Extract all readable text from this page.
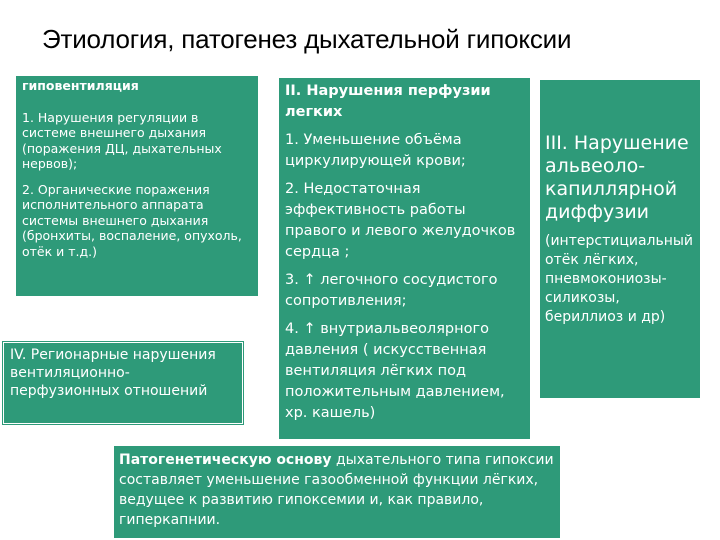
Этиология, патогенез дыхательной гипоксии
гиповентиляция
1. Нарушения регуляции в системе внешнего дыхания (поражения ДЦ, дыхательных нервов);
2. Органические поражения исполнительного аппарата системы внешнего дыхания (бронхиты, воспаление, опухоль, отёк и т.д.)
IV. Регионарные нарушения вентиляционно-перфузионных отношений
II. Нарушения перфузии легких
1. Уменьшение объёма циркулирующей крови;
2. Недостаточная эффективность работы правого и левого желудочков сердца ;
3. ↑ легочного сосудистого сопротивления;
4. ↑ внутриальвеолярного давления ( искусственная вентиляция лёгких под положительным давлением, хр. кашель)
III. Нарушение альвеоло-капиллярной диффузии
(интерстициальный отёк лёгких, пневмокониозы-силикозы, бериллиоз и др)
Патогенетическую основу дыхательного типа гипоксии составляет уменьшение газообменной функции лёгких, ведущее к развитию гипоксемии и, как правило, гиперкапнии.
